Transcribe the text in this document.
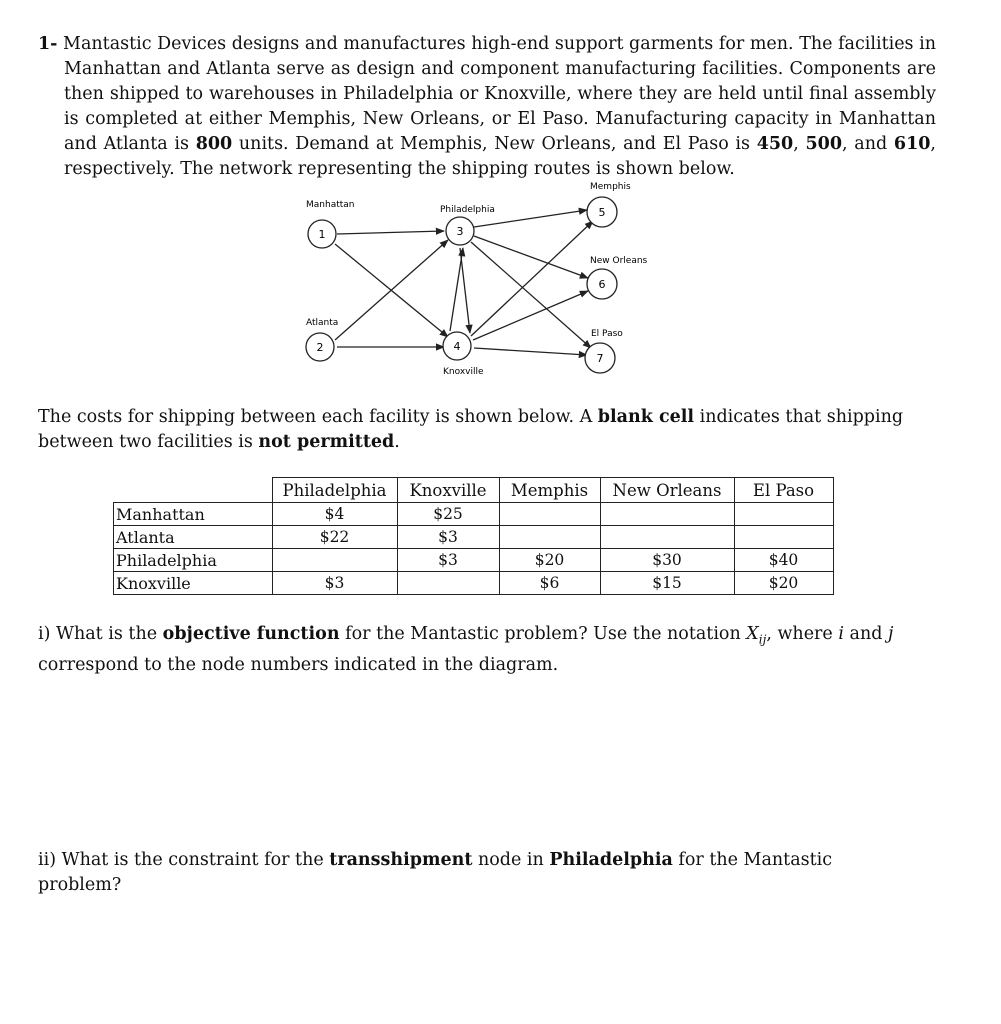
1- Mantastic Devices designs and manufactures high-end support garments for men. The facilities in Manhattan and Atlanta serve as design and component manufacturing facilities. Components are then shipped to warehouses in Philadelphia or Knoxville, where they are held until final assembly is completed at either Memphis, New Orleans, or El Paso. Manufacturing capacity in Manhattan and Atlanta is 800 units. Demand at Memphis, New Orleans, and El Paso is 450, 500, and 610, respectively. The network representing the shipping routes is shown below.
1
Manhattan
2
Atlanta
3
Philadelphia
4
Knoxville
5
Memphis
6
New Orleans
7
El Paso
The costs for shipping between each facility is shown below. A blank cell indicates that shipping between two facilities is not permitted.
	Philadelphia	Knoxville	Memphis	New Orleans	El Paso
Manhattan	$4	$25			
Atlanta	$22	$3			
Philadelphia		$3	$20	$30	$40
Knoxville	$3		$6	$15	$20
i) What is the objective function for the Mantastic problem? Use the notation $X_{ij}$, where i and j correspond to the node numbers indicated in the diagram.
ii) What is the constraint for the transshipment node in Philadelphia for the Mantastic problem?
